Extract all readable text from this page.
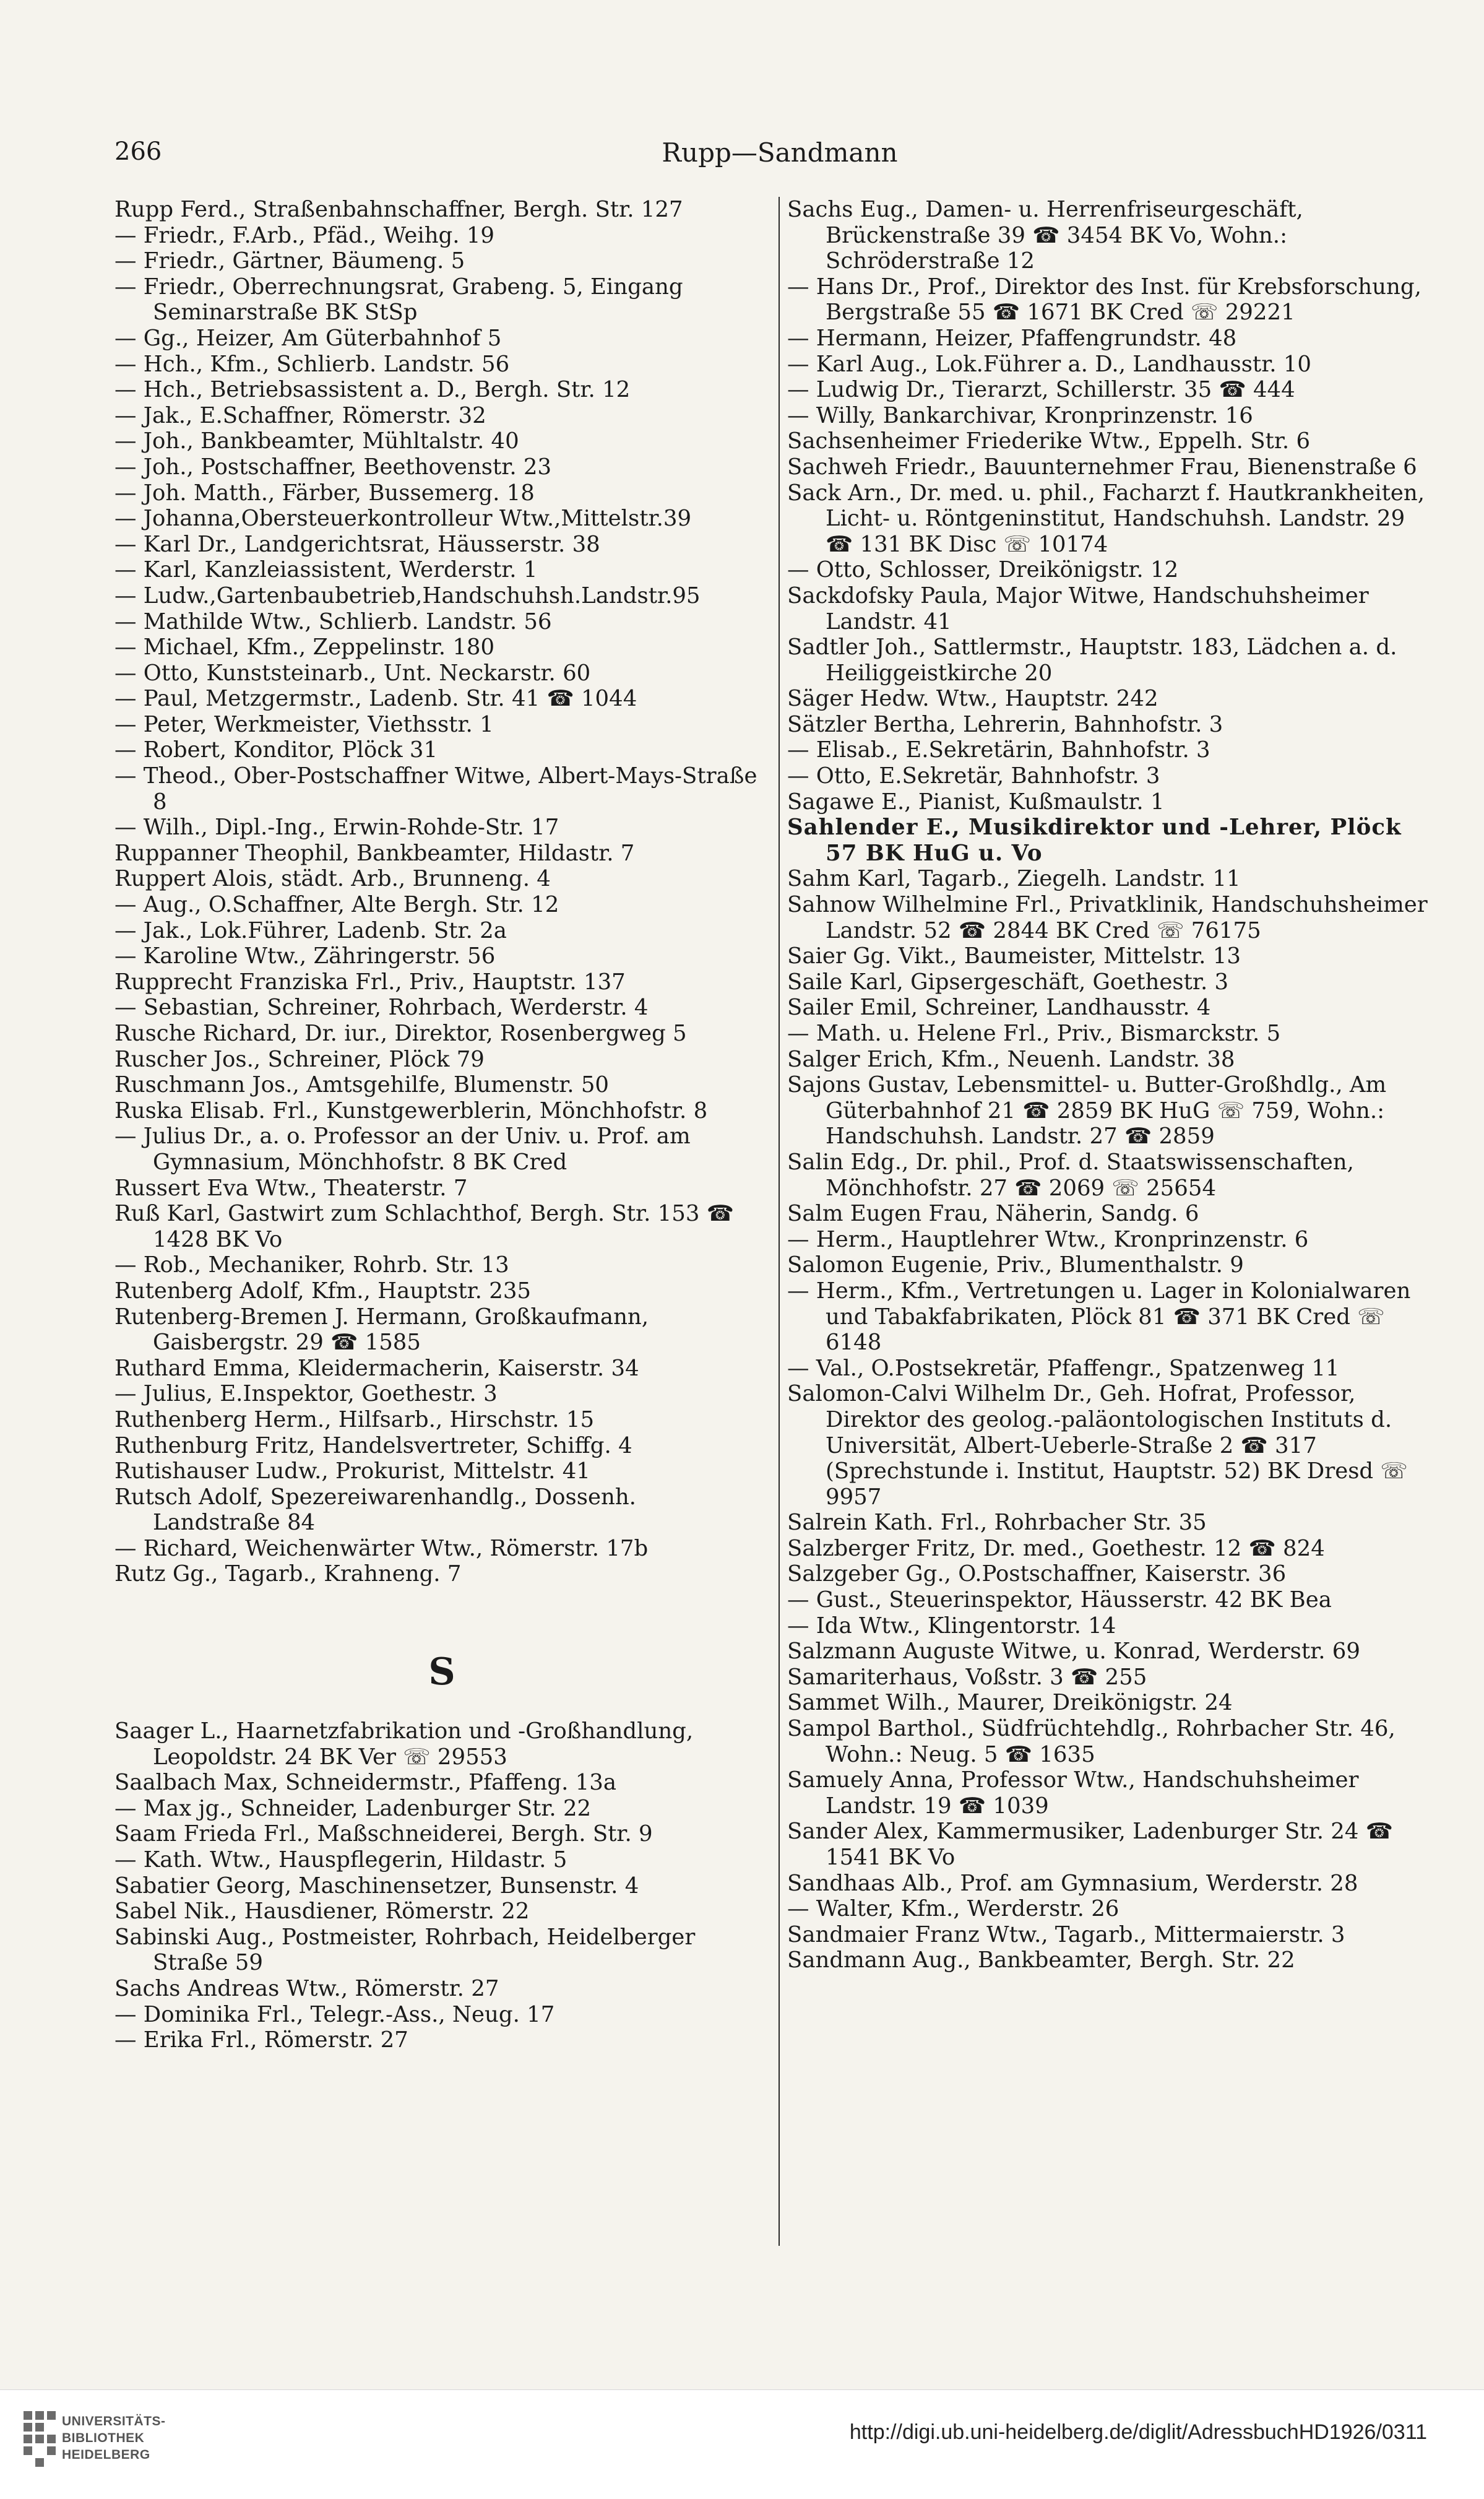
266	Rupp—Sandmann
Rupp Ferd., Straßenbahnschaffner, Bergh. Str. 127
— Friedr., F.Arb., Pfäd., Weihg. 19
— Friedr., Gärtner, Bäumeng. 5
— Friedr., Oberrechnungsrat, Grabeng. 5, Eingang Seminarstraße BK StSp
— Gg., Heizer, Am Güterbahnhof 5
— Hch., Kfm., Schlierb. Landstr. 56
— Hch., Betriebsassistent a. D., Bergh. Str. 12
— Jak., E.Schaffner, Römerstr. 32
— Joh., Bankbeamter, Mühltalstr. 40
— Joh., Postschaffner, Beethovenstr. 23
— Joh. Matth., Färber, Bussemerg. 18
— Johanna,Obersteuerkontrolleur Wtw.,Mittelstr.39
— Karl Dr., Landgerichtsrat, Häusserstr. 38
— Karl, Kanzleiassistent, Werderstr. 1
— Ludw.,Gartenbaubetrieb,Handschuhsh.Landstr.95
— Mathilde Wtw., Schlierb. Landstr. 56
— Michael, Kfm., Zeppelinstr. 180
— Otto, Kunststeinarb., Unt. Neckarstr. 60
— Paul, Metzgermstr., Ladenb. Str. 41 ☎ 1044
— Peter, Werkmeister, Viethsstr. 1
— Robert, Konditor, Plöck 31
— Theod., Ober-Postschaffner Witwe, Albert-Mays-Straße 8
— Wilh., Dipl.-Ing., Erwin-Rohde-Str. 17
Ruppanner Theophil, Bankbeamter, Hildastr. 7
Ruppert Alois, städt. Arb., Brunneng. 4
— Aug., O.Schaffner, Alte Bergh. Str. 12
— Jak., Lok.Führer, Ladenb. Str. 2a
— Karoline Wtw., Zähringerstr. 56
Rupprecht Franziska Frl., Priv., Hauptstr. 137
— Sebastian, Schreiner, Rohrbach, Werderstr. 4
Rusche Richard, Dr. iur., Direktor, Rosenbergweg 5
Ruscher Jos., Schreiner, Plöck 79
Ruschmann Jos., Amtsgehilfe, Blumenstr. 50
Ruska Elisab. Frl., Kunstgewerblerin, Mönchhofstr. 8
— Julius Dr., a. o. Professor an der Univ. u. Prof. am Gymnasium, Mönchhofstr. 8 BK Cred
Russert Eva Wtw., Theaterstr. 7
Ruß Karl, Gastwirt zum Schlachthof, Bergh. Str. 153 ☎ 1428 BK Vo
— Rob., Mechaniker, Rohrb. Str. 13
Rutenberg Adolf, Kfm., Hauptstr. 235
Rutenberg-Bremen J. Hermann, Großkaufmann, Gaisbergstr. 29 ☎ 1585
Ruthard Emma, Kleidermacherin, Kaiserstr. 34
— Julius, E.Inspektor, Goethestr. 3
Ruthenberg Herm., Hilfsarb., Hirschstr. 15
Ruthenburg Fritz, Handelsvertreter, Schiffg. 4
Rutishauser Ludw., Prokurist, Mittelstr. 41
Rutsch Adolf, Spezereiwarenhandlg., Dossenh. Landstraße 84
— Richard, Weichenwärter Wtw., Römerstr. 17b
Rutz Gg., Tagarb., Krahneng. 7
S
Saager L., Haarnetzfabrikation und -Großhandlung, Leopoldstr. 24 BK Ver ☏ 29553
Saalbach Max, Schneidermstr., Pfaffeng. 13a
— Max jg., Schneider, Ladenburger Str. 22
Saam Frieda Frl., Maßschneiderei, Bergh. Str. 9
— Kath. Wtw., Hauspflegerin, Hildastr. 5
Sabatier Georg, Maschinensetzer, Bunsenstr. 4
Sabel Nik., Hausdiener, Römerstr. 22
Sabinski Aug., Postmeister, Rohrbach, Heidelberger Straße 59
Sachs Andreas Wtw., Römerstr. 27
— Dominika Frl., Telegr.-Ass., Neug. 17
— Erika Frl., Römerstr. 27
Sachs Eug., Damen- u. Herrenfriseurgeschäft, Brückenstraße 39 ☎ 3454 BK Vo, Wohn.: Schröderstraße 12
— Hans Dr., Prof., Direktor des Inst. für Krebsforschung, Bergstraße 55 ☎ 1671 BK Cred ☏ 29221
— Hermann, Heizer, Pfaffengrundstr. 48
— Karl Aug., Lok.Führer a. D., Landhausstr. 10
— Ludwig Dr., Tierarzt, Schillerstr. 35 ☎ 444
— Willy, Bankarchivar, Kronprinzenstr. 16
Sachsenheimer Friederike Wtw., Eppelh. Str. 6
Sachweh Friedr., Bauunternehmer Frau, Bienenstraße 6
Sack Arn., Dr. med. u. phil., Facharzt f. Hautkrankheiten, Licht- u. Röntgeninstitut, Handschuhsh. Landstr. 29 ☎ 131 BK Disc ☏ 10174
— Otto, Schlosser, Dreikönigstr. 12
Sackdofsky Paula, Major Witwe, Handschuhsheimer Landstr. 41
Sadtler Joh., Sattlermstr., Hauptstr. 183, Lädchen a. d. Heiliggeistkirche 20
Säger Hedw. Wtw., Hauptstr. 242
Sätzler Bertha, Lehrerin, Bahnhofstr. 3
— Elisab., E.Sekretärin, Bahnhofstr. 3
— Otto, E.Sekretär, Bahnhofstr. 3
Sagawe E., Pianist, Kußmaulstr. 1
Sahlender E., Musikdirektor und -Lehrer, Plöck 57 BK HuG u. Vo
Sahm Karl, Tagarb., Ziegelh. Landstr. 11
Sahnow Wilhelmine Frl., Privatklinik, Handschuhsheimer Landstr. 52 ☎ 2844 BK Cred ☏ 76175
Saier Gg. Vikt., Baumeister, Mittelstr. 13
Saile Karl, Gipsergeschäft, Goethestr. 3
Sailer Emil, Schreiner, Landhausstr. 4
— Math. u. Helene Frl., Priv., Bismarckstr. 5
Salger Erich, Kfm., Neuenh. Landstr. 38
Sajons Gustav, Lebensmittel- u. Butter-Großhdlg., Am Güterbahnhof 21 ☎ 2859 BK HuG ☏ 759, Wohn.: Handschuhsh. Landstr. 27 ☎ 2859
Salin Edg., Dr. phil., Prof. d. Staatswissenschaften, Mönchhofstr. 27 ☎ 2069 ☏ 25654
Salm Eugen Frau, Näherin, Sandg. 6
— Herm., Hauptlehrer Wtw., Kronprinzenstr. 6
Salomon Eugenie, Priv., Blumenthalstr. 9
— Herm., Kfm., Vertretungen u. Lager in Kolonialwaren und Tabakfabrikaten, Plöck 81 ☎ 371 BK Cred ☏ 6148
— Val., O.Postsekretär, Pfaffengr., Spatzenweg 11
Salomon-Calvi Wilhelm Dr., Geh. Hofrat, Professor, Direktor des geolog.-paläontologischen Instituts d. Universität, Albert-Ueberle-Straße 2 ☎ 317 (Sprechstunde i. Institut, Hauptstr. 52) BK Dresd ☏ 9957
Salrein Kath. Frl., Rohrbacher Str. 35
Salzberger Fritz, Dr. med., Goethestr. 12 ☎ 824
Salzgeber Gg., O.Postschaffner, Kaiserstr. 36
— Gust., Steuerinspektor, Häusserstr. 42 BK Bea
— Ida Wtw., Klingentorstr. 14
Salzmann Auguste Witwe, u. Konrad, Werderstr. 69
Samariterhaus, Voßstr. 3 ☎ 255
Sammet Wilh., Maurer, Dreikönigstr. 24
Sampol Barthol., Südfrüchtehdlg., Rohrbacher Str. 46, Wohn.: Neug. 5 ☎ 1635
Samuely Anna, Professor Wtw., Handschuhsheimer Landstr. 19 ☎ 1039
Sander Alex, Kammermusiker, Ladenburger Str. 24 ☎ 1541 BK Vo
Sandhaas Alb., Prof. am Gymnasium, Werderstr. 28
— Walter, Kfm., Werderstr. 26
Sandmaier Franz Wtw., Tagarb., Mittermaierstr. 3
Sandmann Aug., Bankbeamter, Bergh. Str. 22
UNIVERSITÄTS-
BIBLIOTHEK
HEIDELBERG
http://digi.ub.uni-heidelberg.de/diglit/AdressbuchHD1926/0311
